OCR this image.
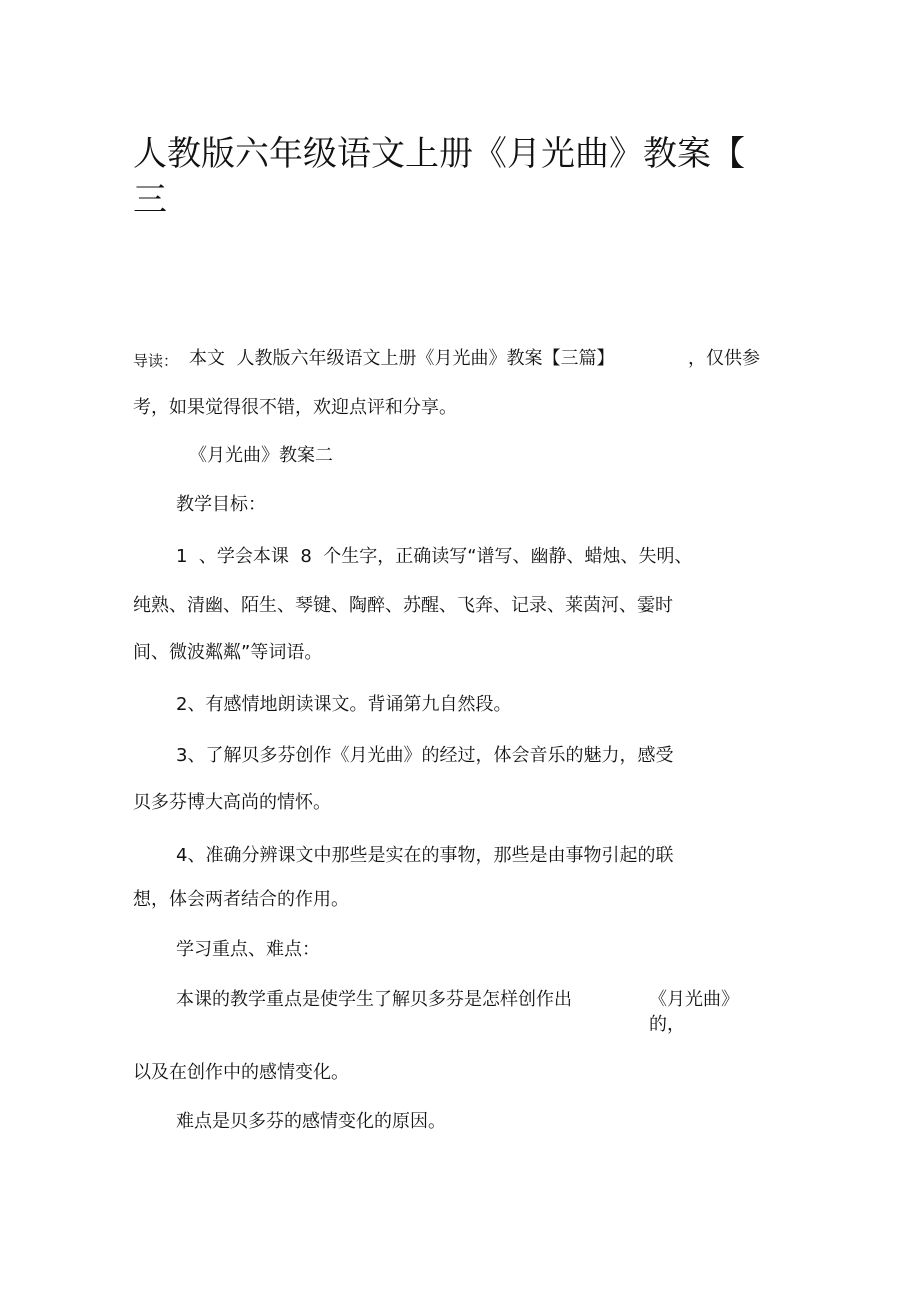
人教版六年级语文上册《月光曲》教案【
三
导读： 本文  人教版六年级语文上册《月光曲》教案【三篇】	，仅供参

考，如果觉得很不错，欢迎点评和分享。

《月光曲》教案二

教学目标：

1  、学会本课  8  个生字，正确读写“谱写、幽静、蜡烛、失明、

纯熟、清幽、陌生、琴键、陶醉、苏醒、飞奔、记录、莱茵河、霎时

间、微波粼粼”等词语。

2、有感情地朗读课文。背诵第九自然段。

3、了解贝多芬创作《月光曲》的经过，体会音乐的魅力，感受

贝多芬博大高尚的情怀。

4、准确分辨课文中那些是实在的事物，那些是由事物引起的联

想，体会两者结合的作用。

学习重点、难点：

本课的教学重点是使学生了解贝多芬是怎样创作出	《月光曲》

的，

以及在创作中的感情变化。

难点是贝多芬的感情变化的原因。
